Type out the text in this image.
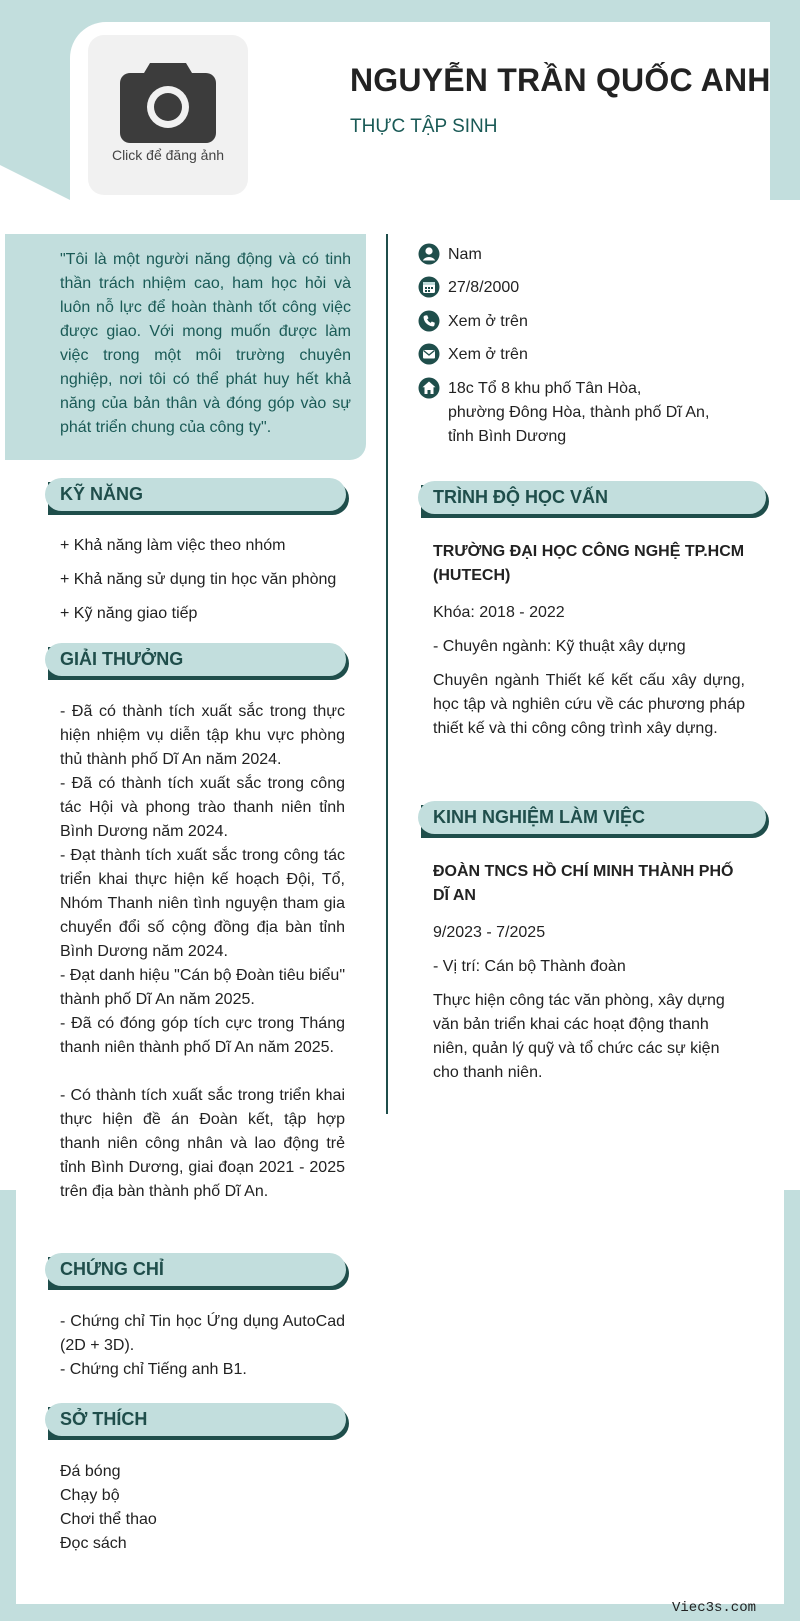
Click để đăng ảnh
NGUYỄN TRẦN QUỐC ANH
THỰC TẬP SINH
"Tôi là một người năng động và có tinh thần trách nhiệm cao, ham học hỏi và luôn nỗ lực để hoàn thành tốt công việc được giao. Với mong muốn được làm việc trong một môi trường chuyên nghiệp, nơi tôi có thể phát huy hết khả năng của bản thân và đóng góp vào sự phát triển chung của công ty".
Nam
27/8/2000
Xem ở trên
Xem ở trên
18c Tổ 8 khu phố Tân Hòa,
phường Đông Hòa, thành phố Dĩ An,
tỉnh Bình Dương
KỸ NĂNG
+ Khả năng làm việc theo nhóm
+ Khả năng sử dụng tin học văn phòng
+ Kỹ năng giao tiếp
GIẢI THƯỞNG
- Đã có thành tích xuất sắc trong thực hiện nhiệm vụ diễn tập khu vực phòng thủ thành phố Dĩ An năm 2024.
- Đã có thành tích xuất sắc trong công tác Hội và phong trào thanh niên tỉnh Bình Dương năm 2024.
- Đạt thành tích xuất sắc trong công tác triển khai thực hiện kế hoạch Đội, Tổ, Nhóm Thanh niên tình nguyện tham gia chuyển đổi số cộng đồng địa bàn tỉnh Bình Dương năm 2024.
- Đạt danh hiệu "Cán bộ Đoàn tiêu biểu" thành phố Dĩ An năm 2025.
- Đã có đóng góp tích cực trong Tháng thanh niên thành phố Dĩ An năm 2025.
- Có thành tích xuất sắc trong triển khai thực hiện đề án Đoàn kết, tập hợp thanh niên công nhân và lao động trẻ tỉnh Bình Dương, giai đoạn 2021 - 2025 trên địa bàn thành phố Dĩ An.
CHỨNG CHỈ
- Chứng chỉ Tin học Ứng dụng AutoCad (2D + 3D).
- Chứng chỉ Tiếng anh B1.
SỞ THÍCH
Đá bóng
Chạy bộ
Chơi thể thao
Đọc sách
TRÌNH ĐỘ HỌC VẤN
TRƯỜNG ĐẠI HỌC CÔNG NGHỆ TP.HCM
(HUTECH)
Khóa: 2018 - 2022
- Chuyên ngành: Kỹ thuật xây dựng
Chuyên ngành Thiết kế kết cấu xây dựng, học tập và nghiên cứu về các phương pháp thiết kế và thi công công trình xây dựng.
KINH NGHIỆM LÀM VIỆC
ĐOÀN TNCS HỒ CHÍ MINH THÀNH PHỐ
DĨ AN
9/2023 - 7/2025
- Vị trí: Cán bộ Thành đoàn
Thực hiện công tác văn phòng, xây dựng văn bản triển khai các hoạt động thanh niên, quản lý quỹ và tổ chức các sự kiện cho thanh niên.
Viec3s.com
